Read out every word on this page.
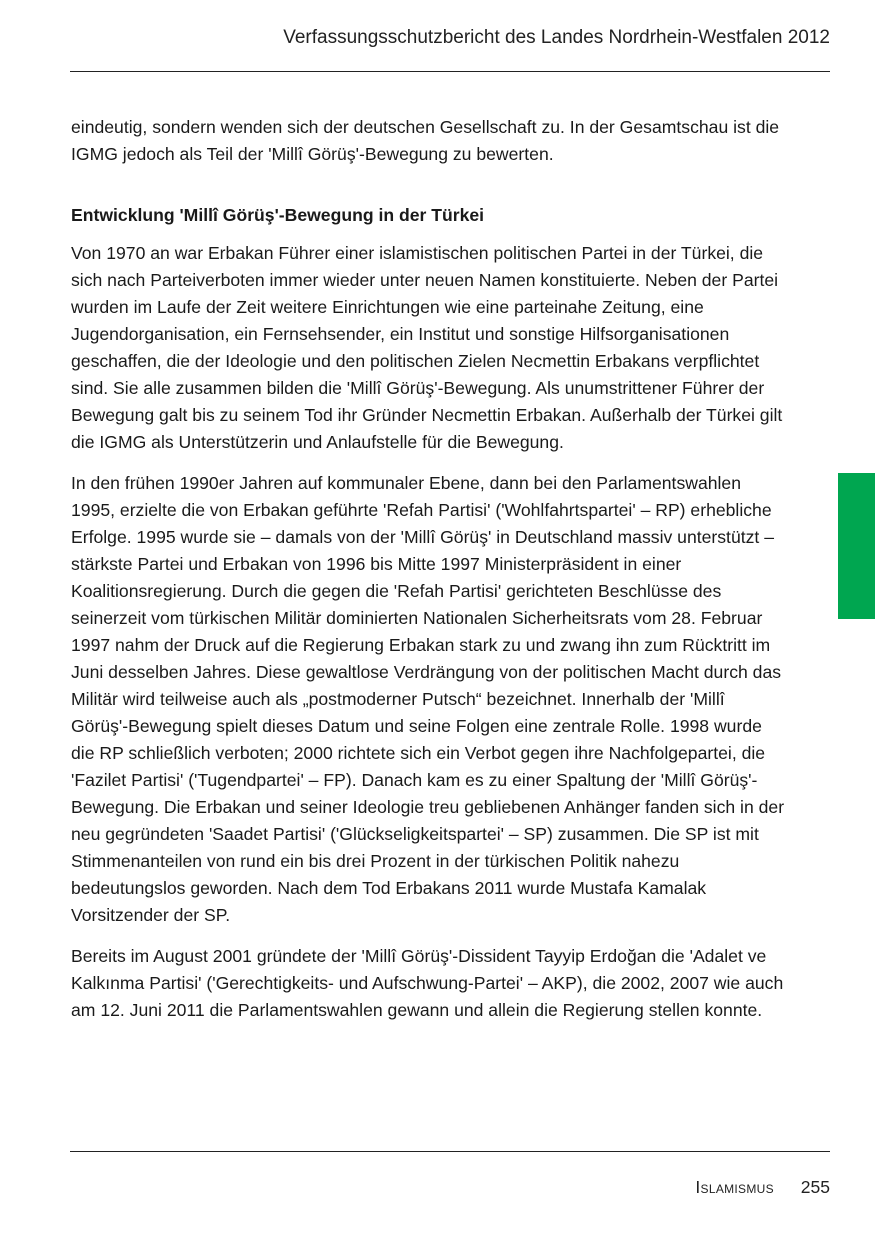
Verfassungsschutzbericht des Landes Nordrhein-Westfalen 2012

eindeutig, sondern wenden sich der deutschen Gesellschaft zu. In der Gesamtschau ist die IGMG jedoch als Teil der 'Millî Görüş'-Bewegung zu bewerten.

Entwicklung 'Millî Görüş'-Bewegung in der Türkei

Von 1970 an war Erbakan Führer einer islamistischen politischen Partei in der Türkei, die sich nach Parteiverboten immer wieder unter neuen Namen konstituierte. Neben der Partei wurden im Laufe der Zeit weitere Einrichtungen wie eine parteinahe Zeitung, eine Jugendorganisation, ein Fernsehsender, ein Institut und sonstige Hilfsorganisationen geschaffen, die der Ideologie und den politischen Zielen Necmettin Erbakans verpflichtet sind. Sie alle zusammen bilden die 'Millî Görüş'-Bewegung. Als unumstrittener Führer der Bewegung galt bis zu seinem Tod ihr Gründer Necmettin Erbakan. Außerhalb der Türkei gilt die IGMG als Unterstützerin und Anlaufstelle für die Bewegung.

In den frühen 1990er Jahren auf kommunaler Ebene, dann bei den Parlamentswahlen 1995, erzielte die von Erbakan geführte 'Refah Partisi' ('Wohlfahrtspartei' – RP) erhebliche Erfolge. 1995 wurde sie – damals von der 'Millî Görüş' in Deutschland massiv unterstützt – stärkste Partei und Erbakan von 1996 bis Mitte 1997 Ministerpräsident in einer Koalitionsregierung. Durch die gegen die 'Refah Partisi' gerichteten Beschlüsse des seinerzeit vom türkischen Militär dominierten Nationalen Sicherheitsrats vom 28. Februar 1997 nahm der Druck auf die Regierung Erbakan stark zu und zwang ihn zum Rücktritt im Juni desselben Jahres. Diese gewaltlose Verdrängung von der politischen Macht durch das Militär wird teilweise auch als „postmoderner Putsch“ bezeichnet. Innerhalb der 'Millî Görüş'-Bewegung spielt dieses Datum und seine Folgen eine zentrale Rolle. 1998 wurde die RP schließlich verboten; 2000 richtete sich ein Verbot gegen ihre Nachfolgepartei, die 'Fazilet Partisi' ('Tugendpartei' – FP). Danach kam es zu einer Spaltung der 'Millî Görüş'-Bewegung. Die Erbakan und seiner Ideologie treu gebliebenen Anhänger fanden sich in der neu gegründeten 'Saadet Partisi' ('Glückseligkeitspartei' – SP) zusammen. Die SP ist mit Stimmenanteilen von rund ein bis drei Prozent in der türkischen Politik nahezu bedeutungslos geworden. Nach dem Tod Erbakans 2011 wurde Mustafa Kamalak Vorsitzender der SP.

Bereits im August 2001 gründete der 'Millî Görüş'-Dissident Tayyip Erdoğan die 'Adalet ve Kalkınma Partisi' ('Gerechtigkeits- und Aufschwung-Partei' – AKP), die 2002, 2007 wie auch am 12. Juni 2011 die Parlamentswahlen gewann und allein die Regierung stellen konnte.

Islamismus 255
